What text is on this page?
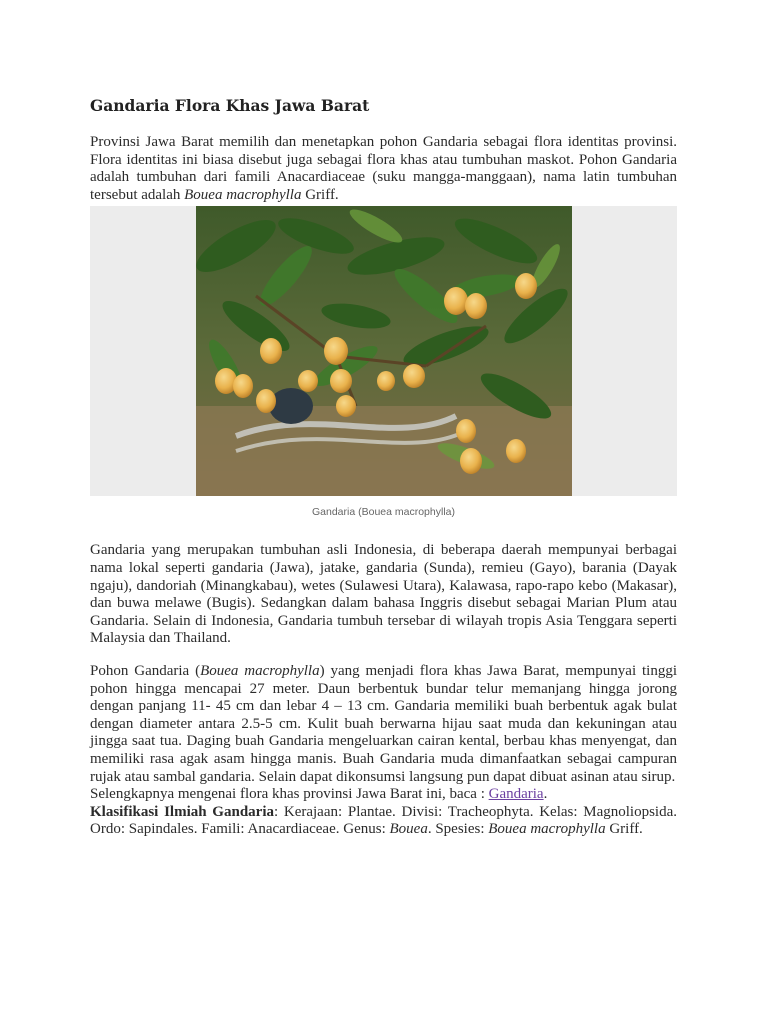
Gandaria Flora Khas Jawa Barat

Provinsi Jawa Barat memilih dan menetapkan pohon Gandaria sebagai flora identitas provinsi. Flora identitas ini biasa disebut juga sebagai flora khas atau tumbuhan maskot. Pohon Gandaria adalah tumbuhan dari famili Anacardiaceae (suku mangga-manggaan), nama latin tumbuhan tersebut adalah Bouea macrophylla Griff.

Gandaria (Bouea macrophylla)

Gandaria yang merupakan tumbuhan asli Indonesia, di beberapa daerah mempunyai berbagai nama lokal seperti gandaria (Jawa), jatake, gandaria (Sunda), remieu (Gayo), barania (Dayak ngaju), dandoriah (Minangkabau), wetes (Sulawesi Utara), Kalawasa, rapo-rapo kebo (Makasar), dan buwa melawe (Bugis). Sedangkan dalam bahasa Inggris disebut sebagai Marian Plum atau Gandaria. Selain di Indonesia, Gandaria tumbuh tersebar di wilayah tropis Asia Tenggara seperti Malaysia dan Thailand.

Pohon Gandaria (Bouea macrophylla) yang menjadi flora khas Jawa Barat, mempunyai tinggi pohon hingga mencapai 27 meter. Daun berbentuk bundar telur memanjang hingga jorong dengan panjang 11- 45 cm dan lebar 4 – 13 cm. Gandaria memiliki buah berbentuk agak bulat dengan diameter antara 2.5-5 cm. Kulit buah berwarna hijau saat muda dan kekuningan atau jingga saat tua. Daging buah Gandaria mengeluarkan cairan kental, berbau khas menyengat, dan memiliki rasa agak asam hingga manis. Buah Gandaria muda dimanfaatkan sebagai campuran rujak atau sambal gandaria. Selain dapat dikonsumsi langsung pun dapat dibuat asinan atau sirup.

Selengkapnya mengenai flora khas provinsi Jawa Barat ini, baca : Gandaria.

Klasifikasi Ilmiah Gandaria: Kerajaan: Plantae. Divisi: Tracheophyta. Kelas: Magnoliopsida. Ordo: Sapindales. Famili: Anacardiaceae. Genus: Bouea. Spesies: Bouea macrophylla Griff.
